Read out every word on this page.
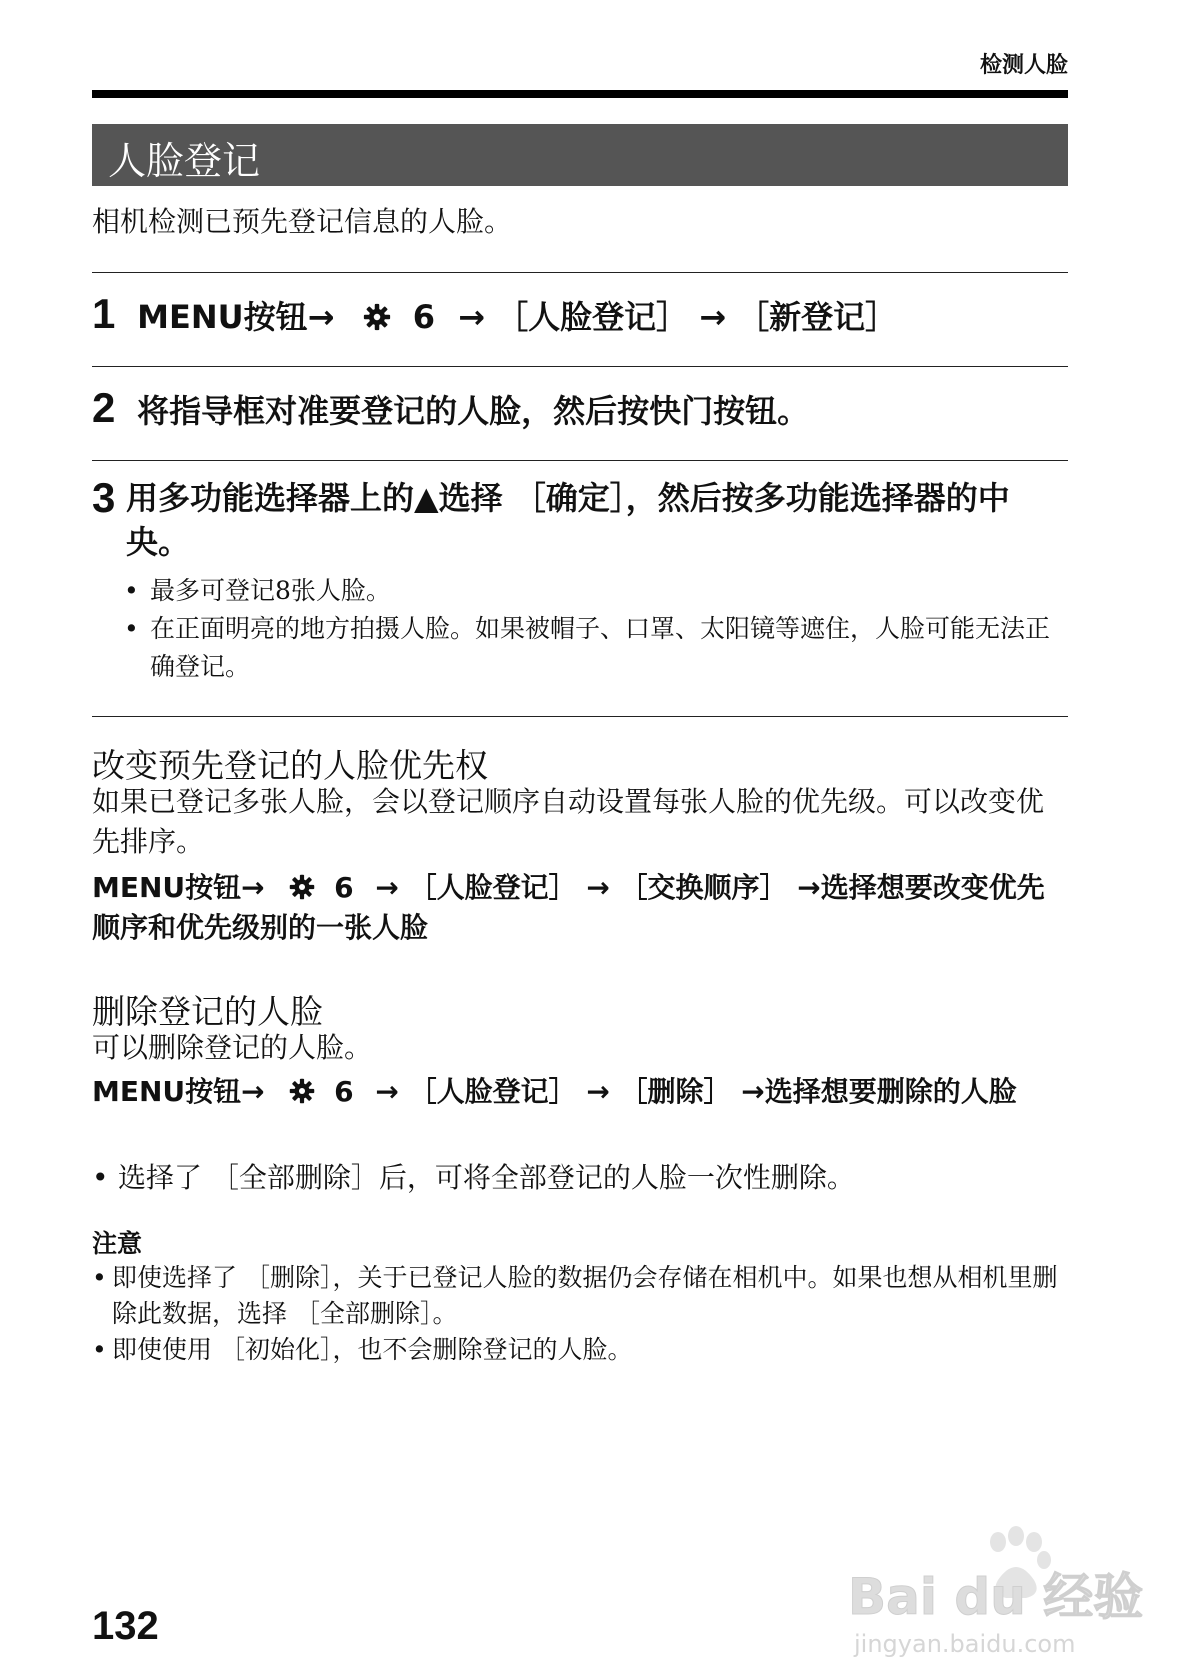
检测人脸
人脸登记
相机检测已预先登记信息的人脸。
1 MENU按钮→ 6 → ［人脸登记］ → ［新登记］
2 将指导框对准要登记的人脸，然后按快门按钮。
3 用多功能选择器上的▲选择 ［确定］，然后按多功能选择器的中央。
• 最多可登记8张人脸。
• 在正面明亮的地方拍摄人脸。如果被帽子、口罩、太阳镜等遮住，人脸可能无法正确登记。
改变预先登记的人脸优先权
如果已登记多张人脸，会以登记顺序自动设置每张人脸的优先级。可以改变优先排序。
MENU按钮→ 6 → ［人脸登记］ → ［交换顺序］ →选择想要改变优先顺序和优先级别的一张人脸
删除登记的人脸
可以删除登记的人脸。
MENU按钮→ 6 → ［人脸登记］ → ［删除］ →选择想要删除的人脸
• 选择了 ［全部删除］后，可将全部登记的人脸一次性删除。
注意
• 即使选择了 ［删除］，关于已登记人脸的数据仍会存储在相机中。如果也想从相机里删除此数据，选择 ［全部删除］。
• 即使使用 ［初始化］，也不会删除登记的人脸。
132	Bai du 经验
jingyan.baidu.com
